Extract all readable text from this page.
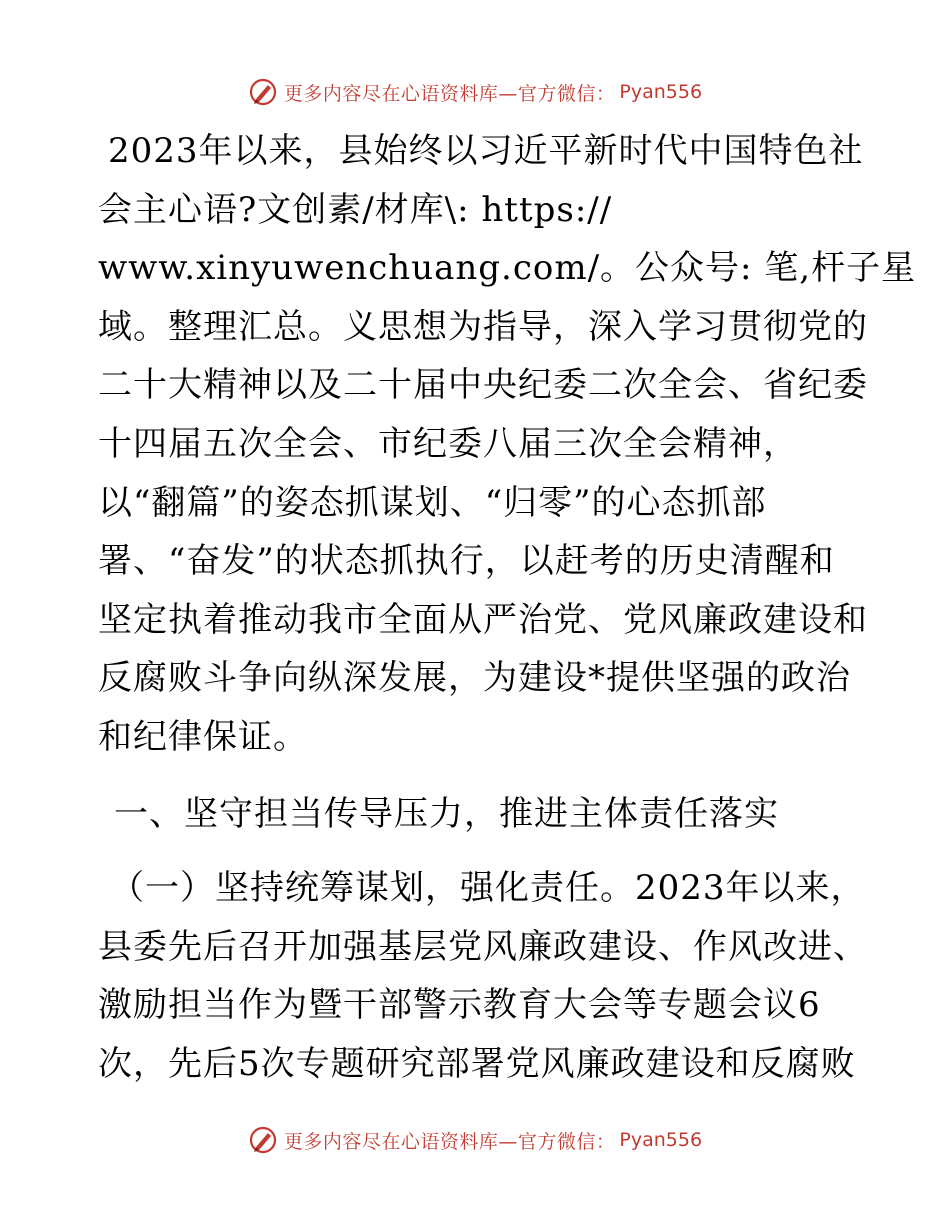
更多内容尽在心语资料库—官方微信： Pyan556
2023年以来，县始终以习近平新时代中国特色社
会主心语?文创素/材库\: https://
www.xinyuwenchuang.com/。公众号: 笔,杆子星
域。整理汇总。义思想为指导，深入学习贯彻党的
二十大精神以及二十届中央纪委二次全会、省纪委
十四届五次全会、市纪委八届三次全会精神，
以“翻篇”的姿态抓谋划、“归零”的心态抓部
署、“奋发”的状态抓执行，以赶考的历史清醒和
坚定执着推动我市全面从严治党、党风廉政建设和
反腐败斗争向纵深发展，为建设*提供坚强的政治
和纪律保证。
一、坚守担当传导压力，推进主体责任落实
（一）坚持统筹谋划，强化责任。2023年以来，
县委先后召开加强基层党风廉政建设、作风改进、
激励担当作为暨干部警示教育大会等专题会议6
次，先后5次专题研究部署党风廉政建设和反腐败
更多内容尽在心语资料库—官方微信： Pyan556
